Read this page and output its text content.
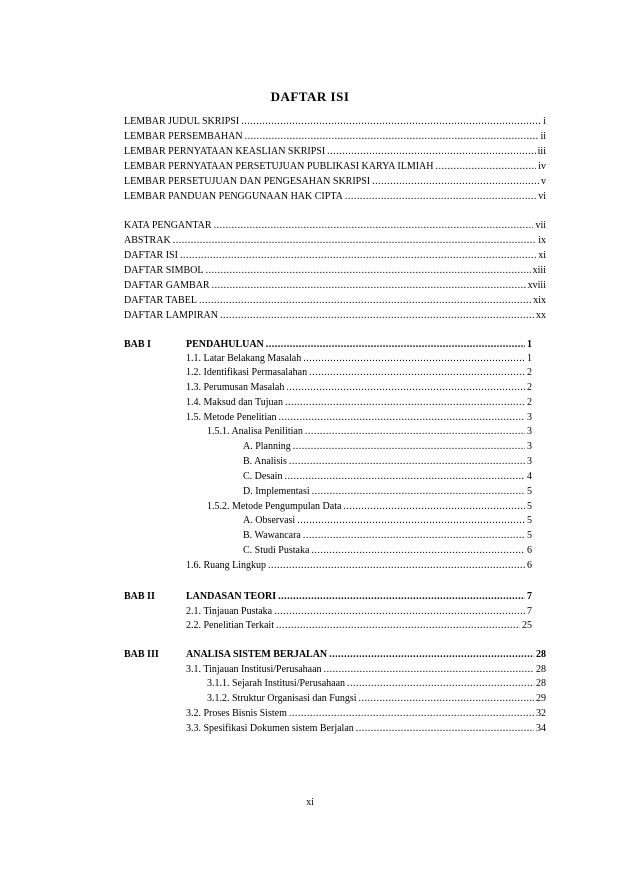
DAFTAR ISI
LEMBAR JUDUL SKRIPSI .....	i
LEMBAR PERSEMBAHAN .....	ii
LEMBAR PERNYATAAN KEASLIAN SKRIPSI .....	iii
LEMBAR PERNYATAAN PERSETUJUAN PUBLIKASI KARYA ILMIAH .....	iv
LEMBAR PERSETUJUAN DAN PENGESAHAN SKRIPSI .....	v
LEMBAR PANDUAN PENGGUNAAN HAK CIPTA .....	vi
KATA PENGANTAR .....	vii
ABSTRAK .....	ix
DAFTAR ISI .....	xi
DAFTAR SIMBOL .....	xiii
DAFTAR GAMBAR .....	xviii
DAFTAR TABEL .....	xix
DAFTAR LAMPIRAN .....	xx
BAB I	PENDAHULUAN .....	1
1.1. Latar Belakang Masalah .....	1
1.2. Identifikasi Permasalahan .....	2
1.3. Perumusan Masalah .....	2
1.4. Maksud dan Tujuan .....	2
1.5. Metode Penelitian .....	3
1.5.1. Analisa Penilitian .....	3
A. Planning .....	3
B. Analisis .....	3
C. Desain .....	4
D. Implementasi .....	5
1.5.2. Metode Pengumpulan Data .....	5
A. Observasi .....	5
B. Wawancara .....	5
C. Studi Pustaka .....	6
1.6. Ruang Lingkup .....	6
BAB II	LANDASAN TEORI .....	7
2.1. Tinjauan Pustaka .....	7
2.2. Penelitian Terkait .....	25
BAB III	ANALISA SISTEM BERJALAN .....	28
3.1. Tinjauan Institusi/Perusahaan .....	28
3.1.1. Sejarah Institusi/Perusahaan .....	28
3.1.2. Struktur Organisasi dan Fungsi .....	29
3.2. Proses Bisnis Sistem .....	32
3.3. Spesifikasi Dokumen sistem Berjalan .....	34
xi
